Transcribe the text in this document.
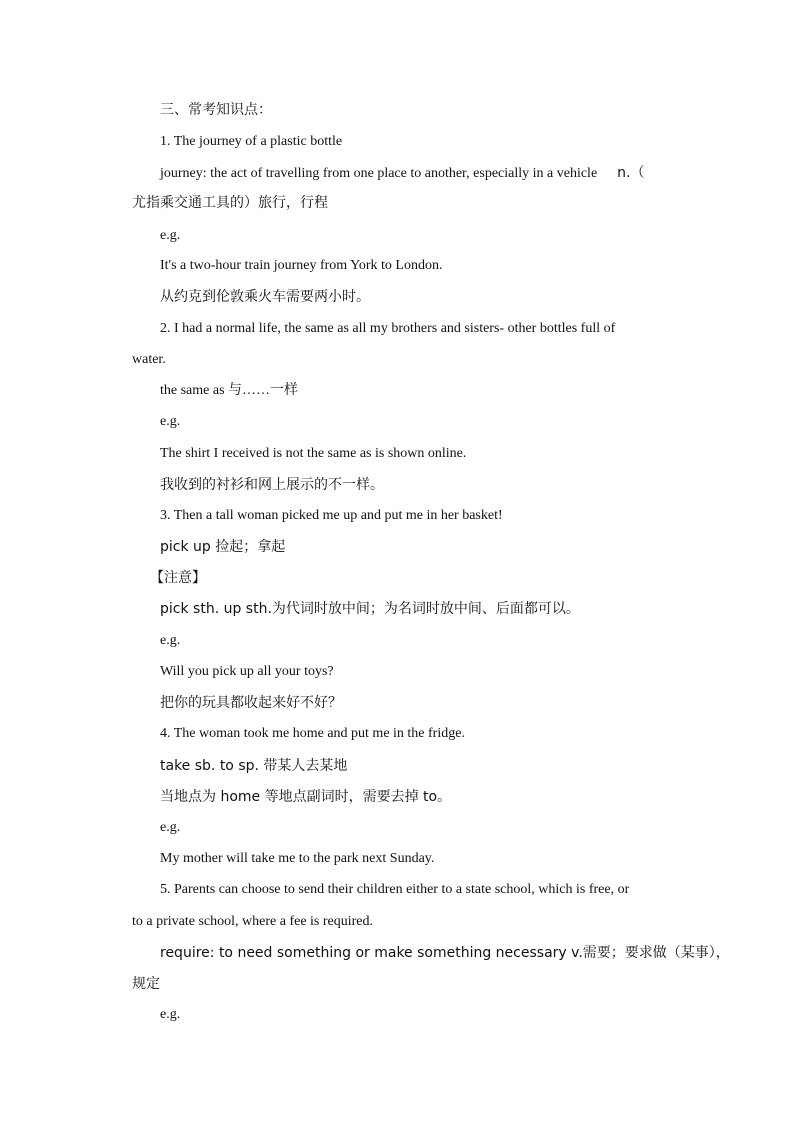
三、常考知识点：
1. The journey of a plastic bottle
journey: the act of travelling from one place to another, especially in a vehicle n.（
尤指乘交通工具的）旅行，行程
e.g.
It's a two-hour train journey from York to London.
从约克到伦敦乘火车需要两小时。
2. I had a normal life, the same as all my brothers and sisters- other bottles full of
water.
the same as 与……一样
e.g.
The shirt I received is not the same as is shown online.
我收到的衬衫和网上展示的不一样。
3. Then a tall woman picked me up and put me in her basket!
pick up 捡起；拿起
【注意】
pick sth. up sth.为代词时放中间；为名词时放中间、后面都可以。
e.g.
Will you pick up all your toys?
把你的玩具都收起来好不好？
4. The woman took me home and put me in the fridge.
take sb. to sp. 带某人去某地
当地点为 home 等地点副词时，需要去掉 to。
e.g.
My mother will take me to the park next Sunday.
5. Parents can choose to send their children either to a state school, which is free, or
to a private school, where a fee is required.
require: to need something or make something necessary v.需要；要求做（某事），
规定
e.g.
